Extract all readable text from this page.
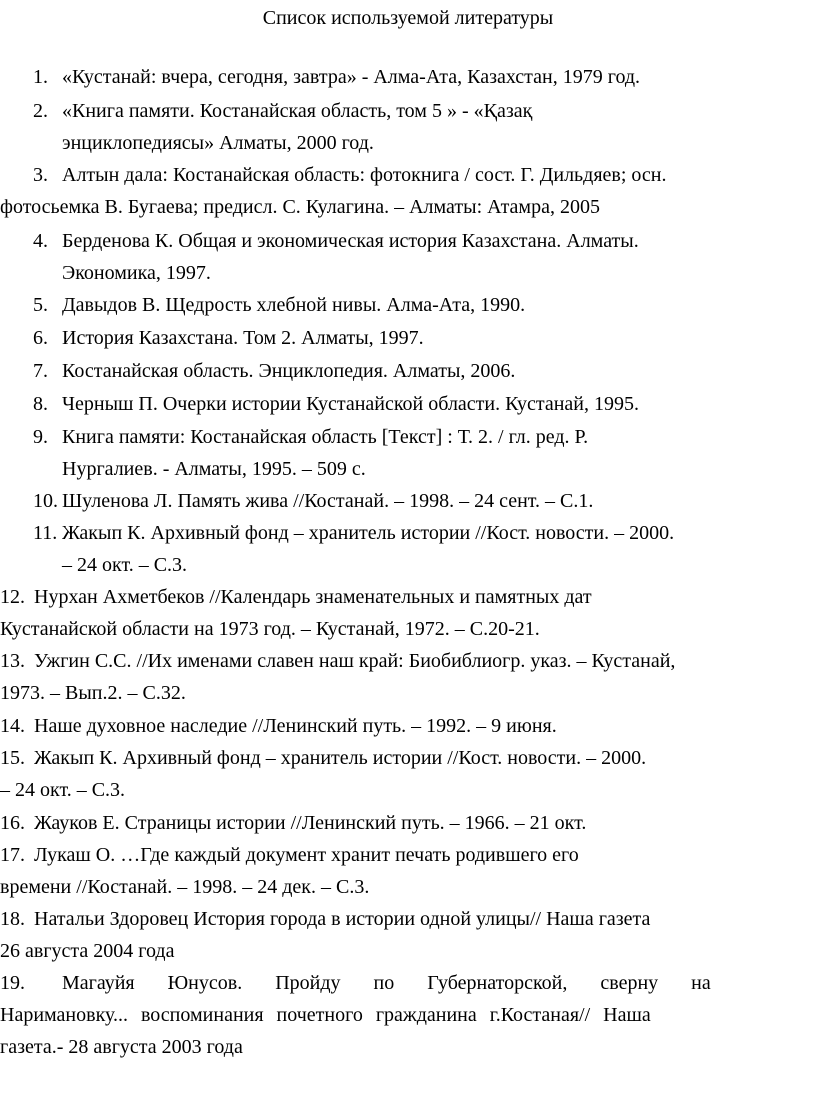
Список используемой литературы
1. «Кустанай: вчера, сегодня, завтра» - Алма-Ата, Казахстан, 1979 год.
2. «Книга памяти. Костанайская область, том 5 » - «Қазақ
энциклопедиясы» Алматы, 2000 год.
3. Алтын дала: Костанайская область: фотокнига / сост. Г. Дильдяев; осн.
фотосьемка В. Бугаева; предисл. С. Кулагина. – Алматы: Атамра, 2005
4. Берденова К. Общая и экономическая история Казахстана. Алматы.
Экономика, 1997.
5. Давыдов В. Щедрость хлебной нивы. Алма-Ата, 1990.
6. История Казахстана. Том 2. Алматы, 1997.
7. Костанайская область. Энциклопедия. Алматы, 2006.
8. Черныш П. Очерки истории Кустанайской области. Кустанай, 1995.
9. Книга памяти: Костанайская область [Текст] : Т. 2. / гл. ред. Р.
Нургалиев. - Алматы, 1995. – 509 с.
10. Шуленова Л. Память жива //Костанай. – 1998. – 24 сент. – С.1.
11. Жакып К. Архивный фонд – хранитель истории //Кост. новости. – 2000.
– 24 окт. – С.3.
12. Нурхан Ахметбеков //Календарь знаменательных и памятных дат
Кустанайской области на 1973 год. – Кустанай, 1972. – С.20-21.
13. Ужгин С.С. //Их именами славен наш край: Биобиблиогр. указ. – Кустанай,
1973. – Вып.2. – С.32.
14. Наше духовное наследие //Ленинский путь. – 1992. – 9 июня.
15. Жакып К. Архивный фонд – хранитель истории //Кост. новости. – 2000.
– 24 окт. – С.3.
16. Жауков Е. Страницы истории //Ленинский путь. – 1966. – 21 окт.
17. Лукаш О. …Где каждый документ хранит печать родившего его
времени //Костанай. – 1998. – 24 дек. – С.3.
18. Натальи Здоровец История города в истории одной улицы// Наша газета
26 августа 2004 года
19. Магауйя Юнусов. Пройду по Губернаторской, сверну на
Наримановку... воспоминания почетного гражданина г.Костаная// Наша
газета.- 28 августа 2003 года
